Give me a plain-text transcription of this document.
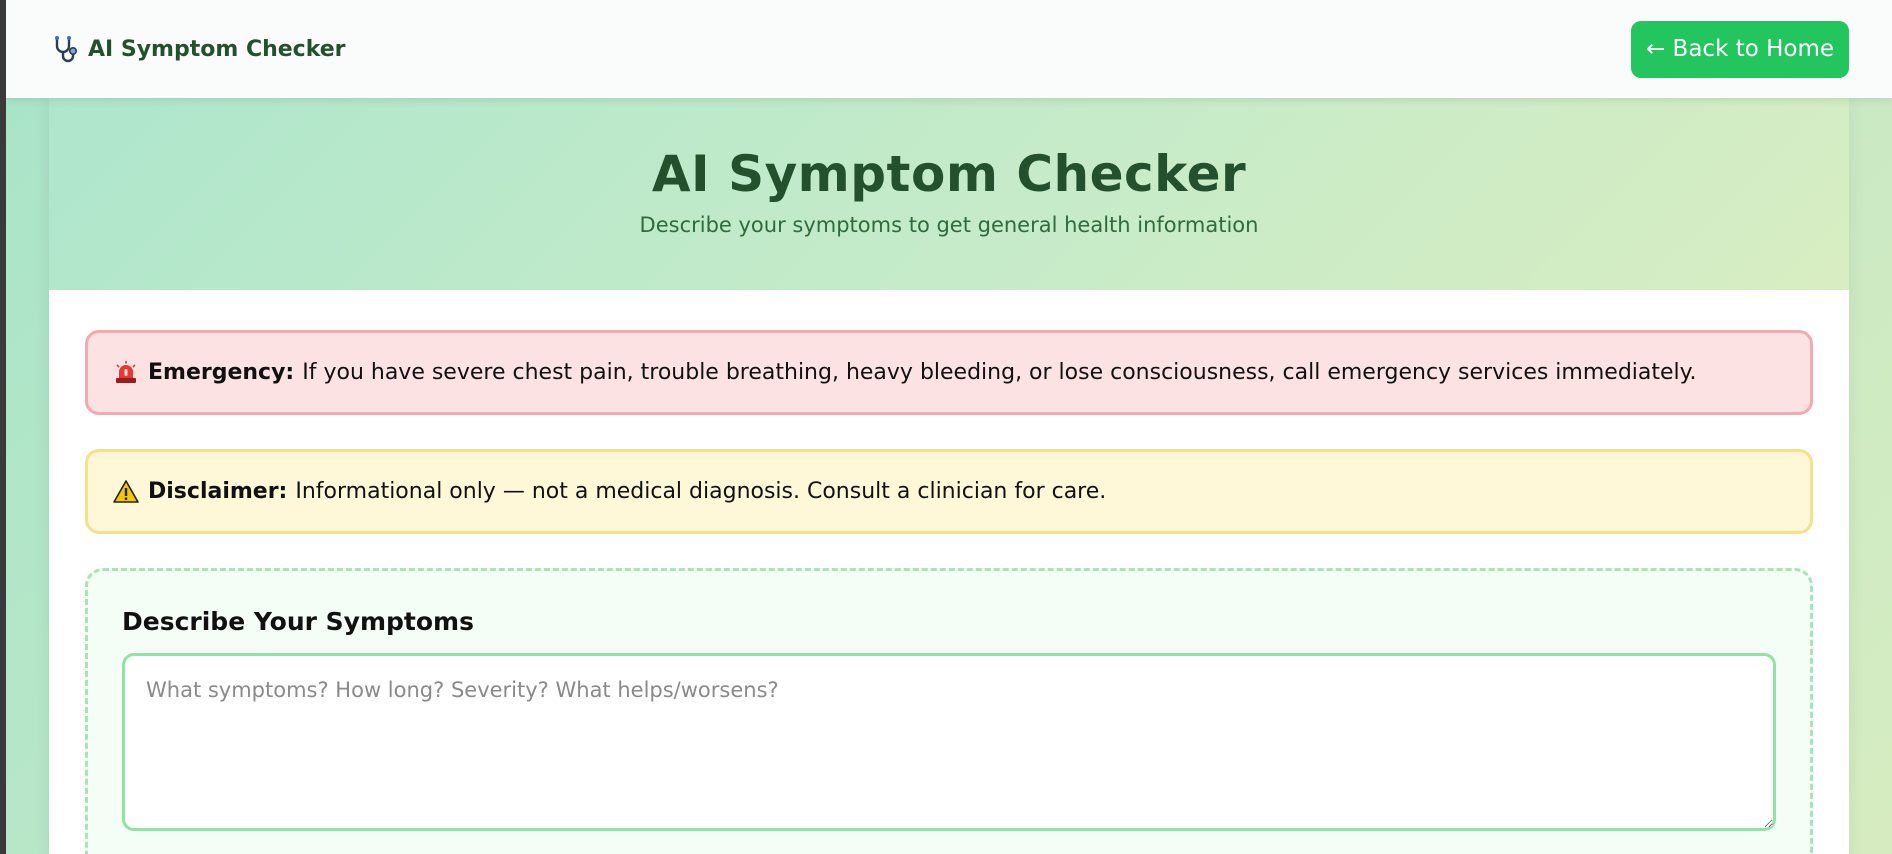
AI Symptom Checker	← Back to Home
AI Symptom Checker

Describe your symptoms to get general health information

Emergency: If you have severe chest pain, trouble breathing, heavy bleeding, or lose consciousness, call emergency services immediately.
Disclaimer: Informational only — not a medical diagnosis. Consult a clinician for care.
Describe Your Symptoms
What symptoms? How long? Severity? What helps/worsens?
